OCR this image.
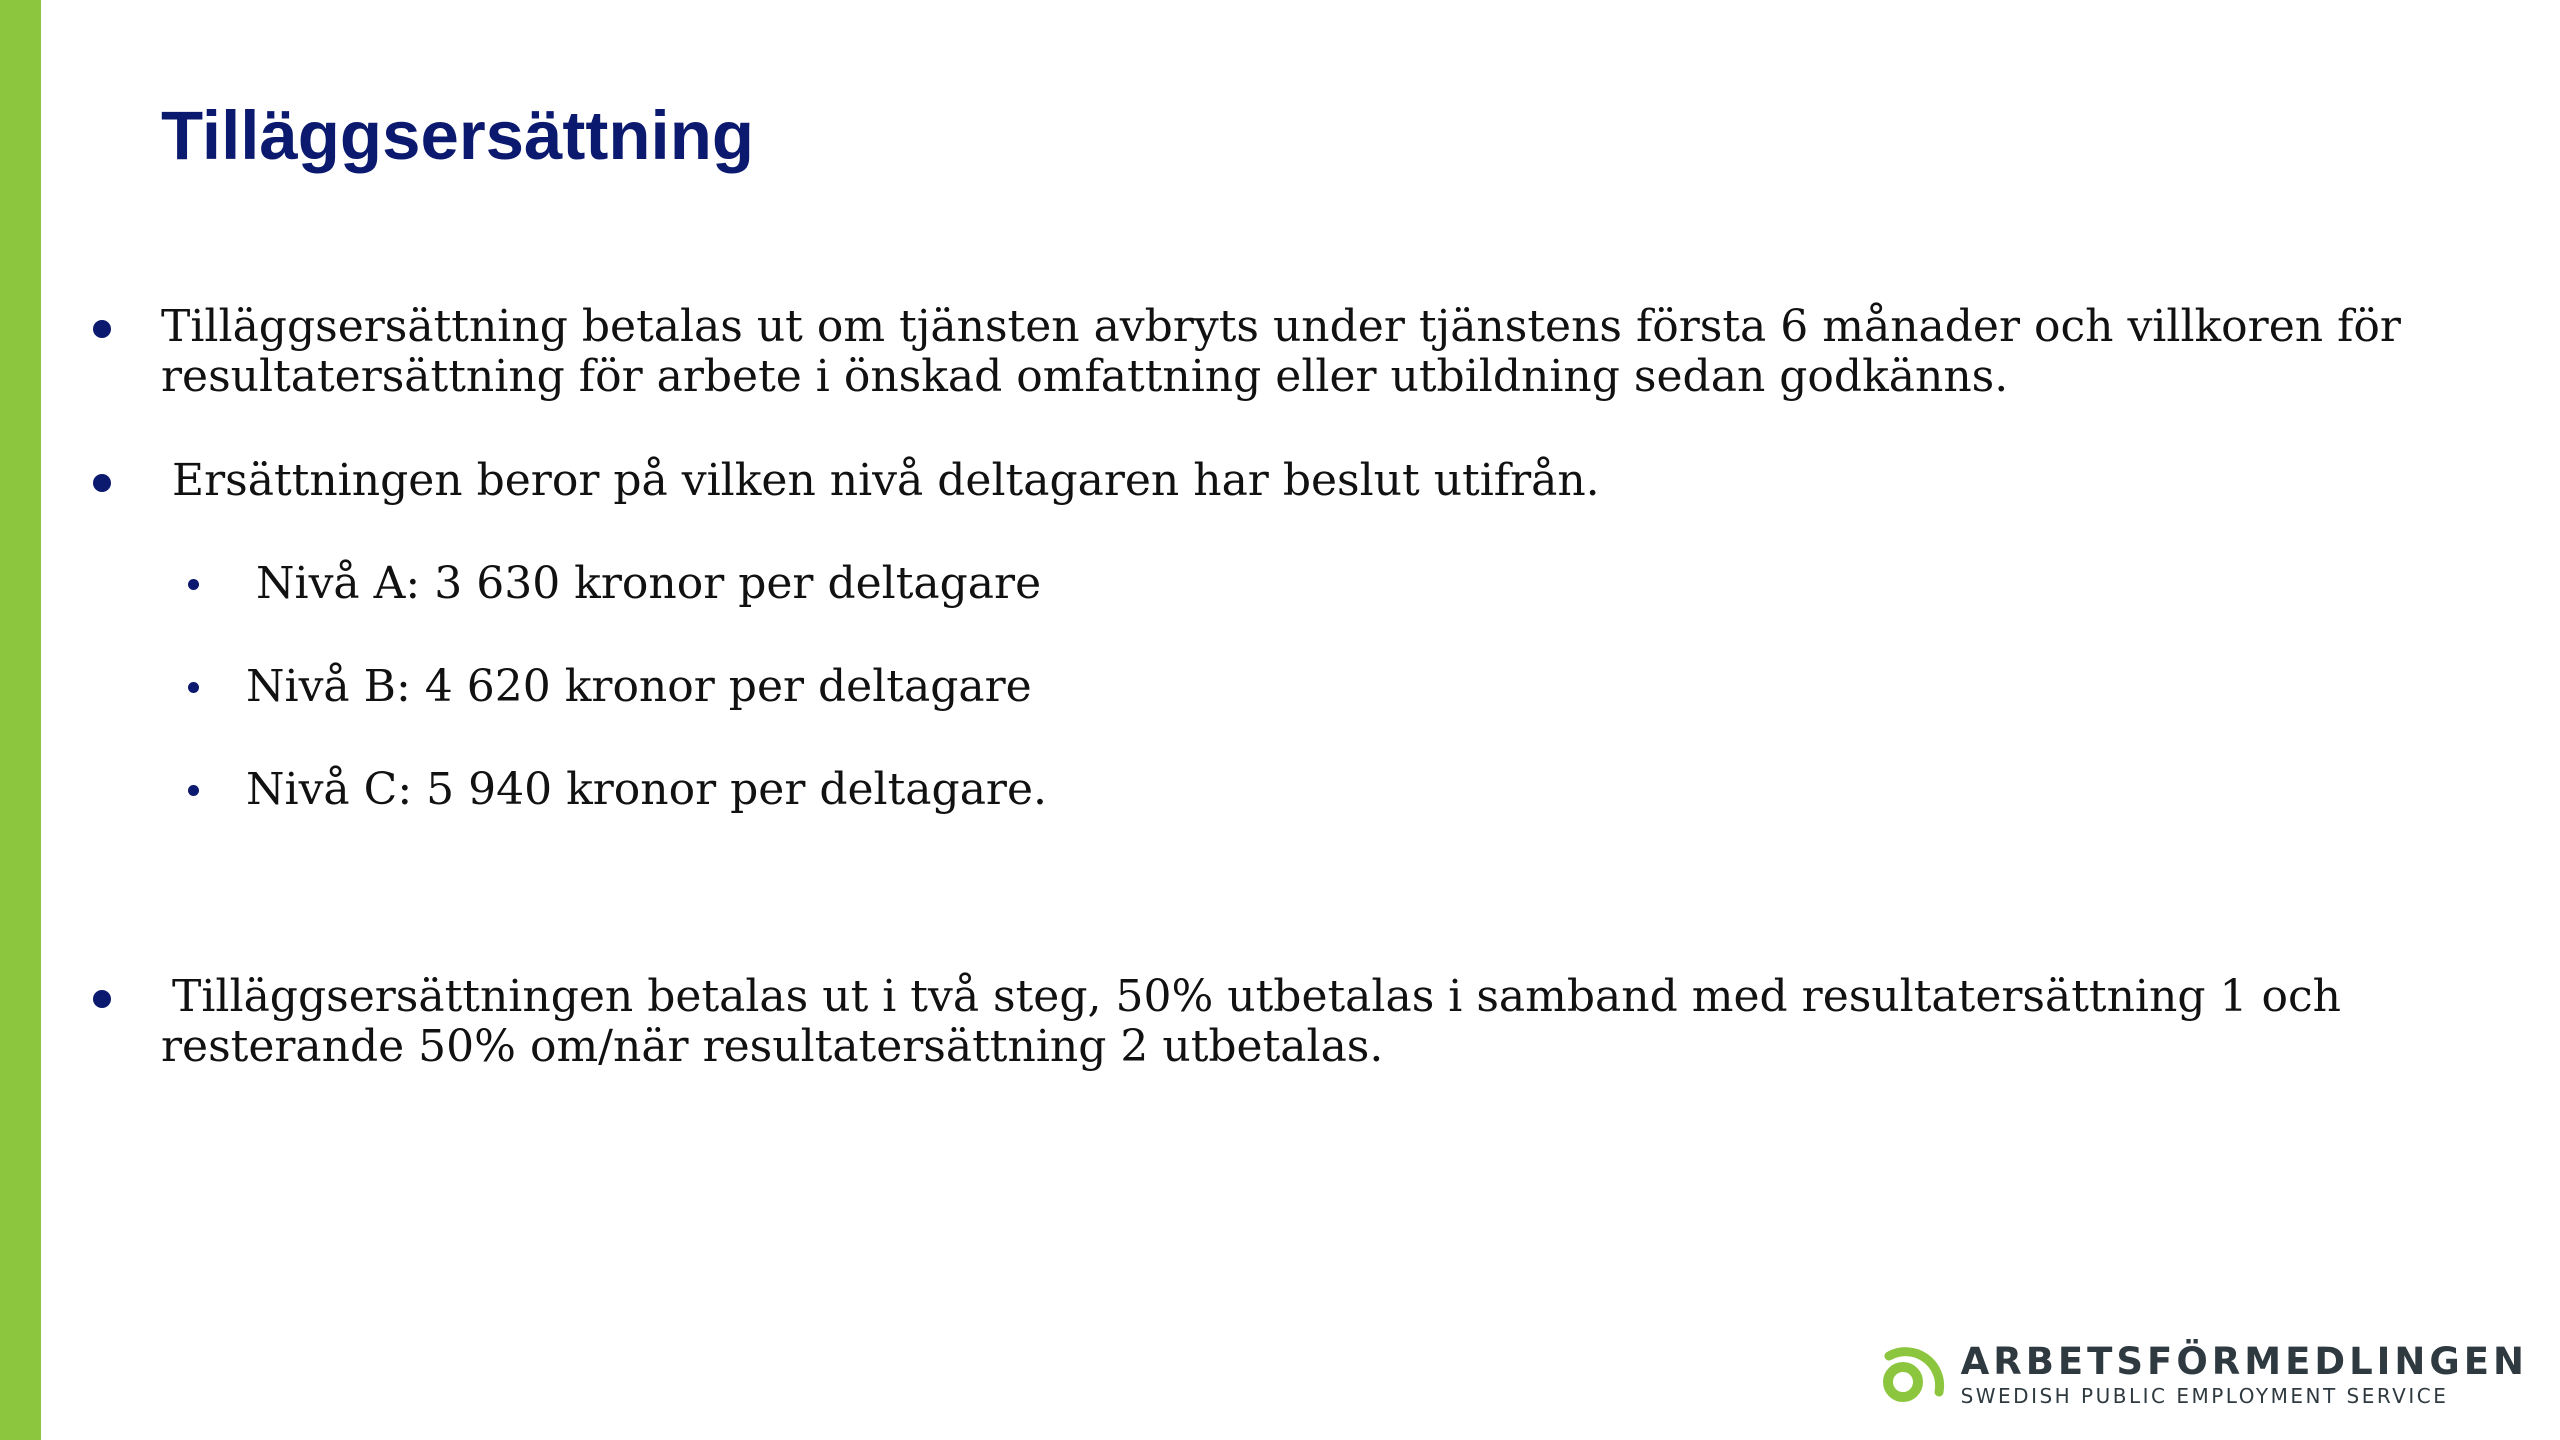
Tilläggsersättning

Tilläggsersättning betalas ut om tjänsten avbryts under tjänstens första 6 månader och villkoren för resultatersättning för arbete i önskad omfattning eller utbildning sedan godkänns.

Ersättningen beror på vilken nivå deltagaren har beslut utifrån.

Nivå A: 3 630 kronor per deltagare

Nivå B: 4 620 kronor per deltagare

Nivå C: 5 940 kronor per deltagare.

Tilläggsersättningen betalas ut i två steg, 50% utbetalas i samband med resultatersättning 1 och resterande 50% om/när resultatersättning 2 utbetalas.

ARBETSFÖRMEDLINGEN
SWEDISH PUBLIC EMPLOYMENT SERVICE
